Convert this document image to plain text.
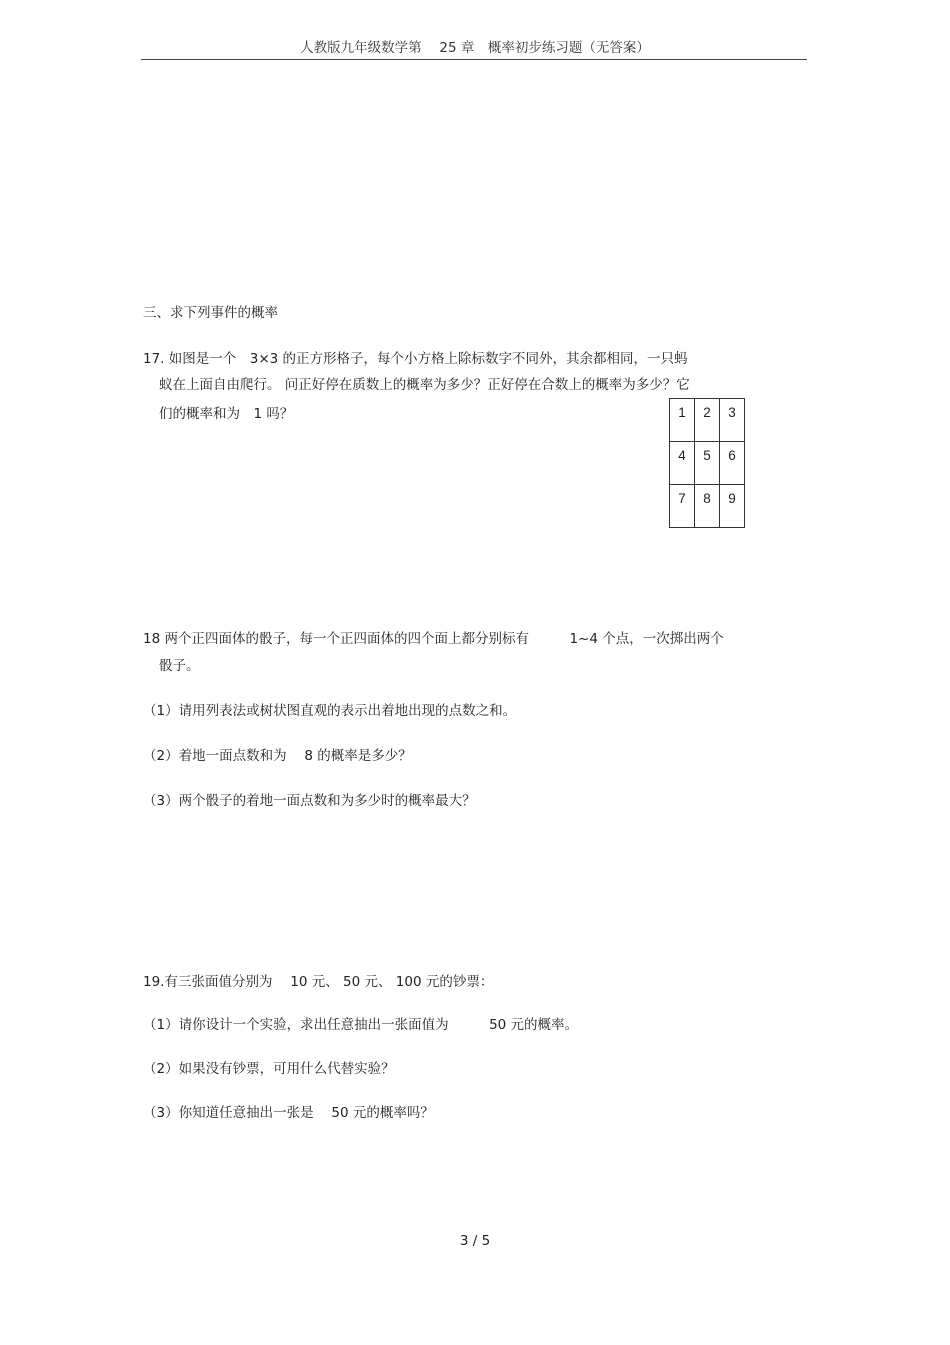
人教版九年级数学第　 25 章　概率初步练习题（无答案）
三、求下列事件的概率
17. 如图是一个　3×3 的正方形格子，每个小方格上除标数字不同外，其余都相同，一只蚂
蚁在上面自由爬行。 问正好停在质数上的概率为多少？正好停在合数上的概率为多少？它
们的概率和为　1 吗？	1	2	3
4	5	6
7	8	9
18 两个正四面体的骰子，每一个正四面体的四个面上都分别标有　　　1~4 个点，一次掷出两个
骰子。
（1）请用列表法或树状图直观的表示出着地出现的点数之和。
（2）着地一面点数和为　 8 的概率是多少？
（3）两个骰子的着地一面点数和为多少时的概率最大？
19.有三张面值分别为　 10 元、 50 元、 100 元的钞票：
（1）请你设计一个实验，求出任意抽出一张面值为　　　50 元的概率。
（2）如果没有钞票，可用什么代替实验？
（3）你知道任意抽出一张是　 50 元的概率吗？
3 / 5
